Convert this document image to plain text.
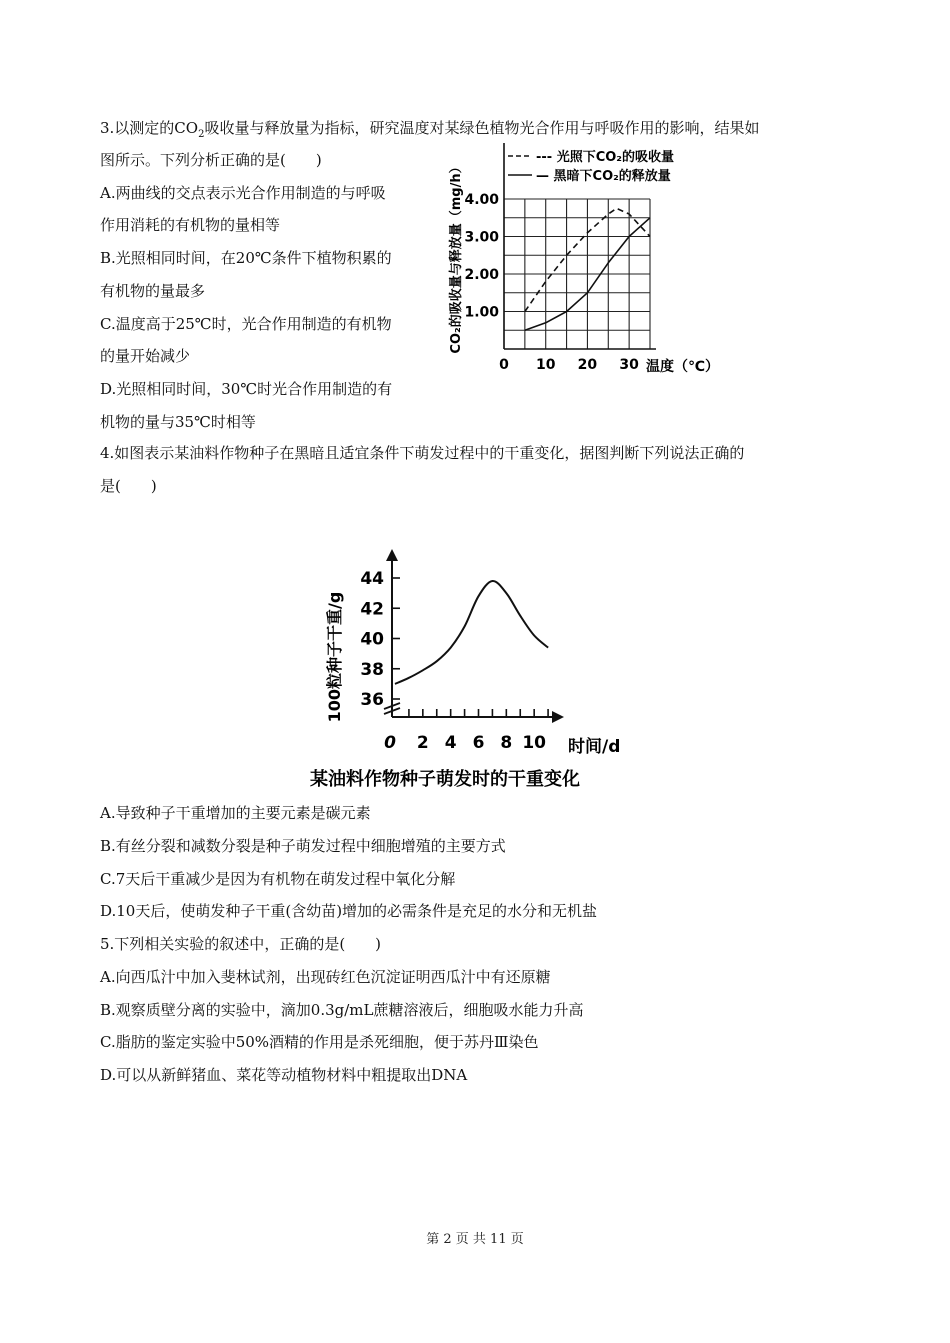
3.以测定的$CO_2$吸收量与释放量为指标，研究温度对某绿色植物光合作用与呼吸作用的影响，结果如
图所示。下列分析正确的是(　　)
A.两曲线的交点表示光合作用制造的与呼吸
作用消耗的有机物的量相等
B.光照相同时间，在20℃条件下植物积累的
有机物的量最多
C.温度高于25℃时，光合作用制造的有机物
的量开始减少
D.光照相同时间，30℃时光合作用制造的有
机物的量与35℃时相等
CO₂的吸收量与释放量（mg/h）
0 10 20 30
1.00
2.00
3.00
4.00
--- 光照下CO₂的吸收量
— 黑暗下CO₂的释放量
温度（℃）
4.如图表示某油料作物种子在黑暗且适宜条件下萌发过程中的干重变化，据图判断下列说法正确的
是(　　)
100粒种子干重/g
0 2 4 6 8 10
36
38
40
42
44
时间/d
某油料作物种子萌发时的干重变化
A.导致种子干重增加的主要元素是碳元素
B.有丝分裂和减数分裂是种子萌发过程中细胞增殖的主要方式
C.7天后干重减少是因为有机物在萌发过程中氧化分解
D.10天后，使萌发种子干重(含幼苗)增加的必需条件是充足的水分和无机盐
5.下列相关实验的叙述中，正确的是(　　)
A.向西瓜汁中加入斐林试剂，出现砖红色沉淀证明西瓜汁中有还原糖
B.观察质壁分离的实验中，滴加0.3g/mL蔗糖溶液后，细胞吸水能力升高
C.脂肪的鉴定实验中50%酒精的作用是杀死细胞，便于苏丹Ⅲ染色
D.可以从新鲜猪血、菜花等动植物材料中粗提取出DNA
第 2 页 共 11 页
